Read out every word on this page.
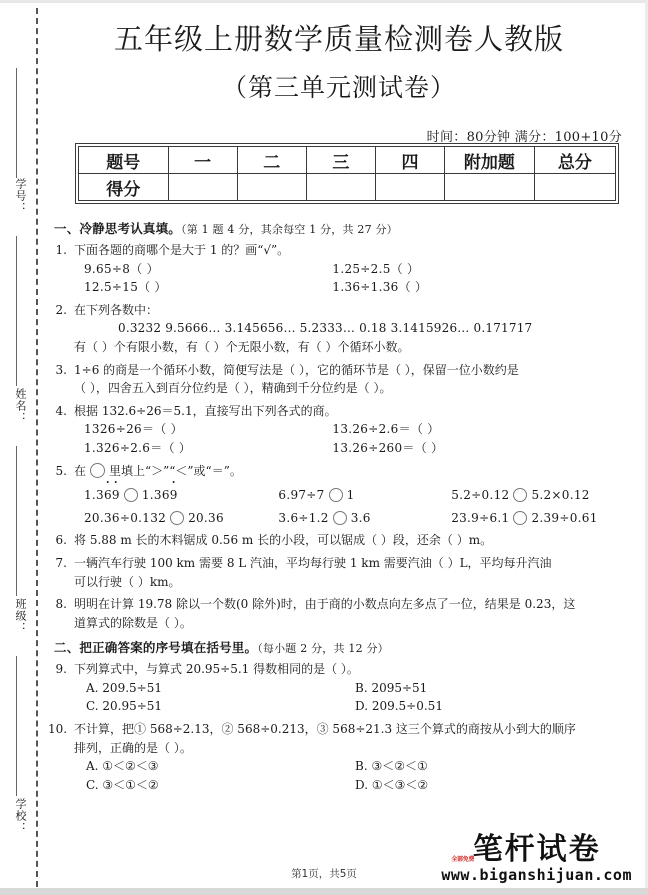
学号：
姓名：
班级：
学校：
五年级上册数学质量检测卷人教版
（第三单元测试卷）
时间：80分钟 满分：100+10分
题号	一	二	三	四	附加题	总分
得分						
一、冷静思考认真填。（第 1 题 4 分，其余每空 1 分，共 27 分）
1. 下面各题的商哪个是大于 1 的？画“√”。
9.65÷8（ ）	1.25÷2.5（ ）
12.5÷15（ ）	1.36÷1.36（ ）
2. 在下列各数中：
0.3232 9.5666… 3.145656… 5.2333… 0.18 3.1415926… 0.171717
有（ ）个有限小数，有（ ）个无限小数，有（ ）个循环小数。
3. 1÷6 的商是一个循环小数，简便写法是（ ），它的循环节是（ ），保留一位小数约是
（ ），四舍五入到百分位约是（ ），精确到千分位约是（ ）。
4. 根据 132.6÷26＝5.1，直接写出下列各式的商。
1326÷26＝（ ）	13.26÷2.6＝（ ）
1.326÷2.6＝（ ）	13.26÷260＝（ ）
5. 在 里填上“＞”“＜”或“＝”。
1.36 ·9 · 1.369 ·	6.97÷7 1	5.2÷0.12 5.2×0.12
20.36÷0.132 20.36	3.6÷1.2 3.6	23.9÷6.1 2.39÷0.61
6. 将 5.88 m 长的木料锯成 0.56 m 长的小段，可以锯成（ ）段，还余（ ）m。
7. 一辆汽车行驶 100 km 需要 8 L 汽油，平均每行驶 1 km 需要汽油（ ）L，平均每升汽油
可以行驶（ ）km。
8. 明明在计算 19.78 除以一个数(0 除外)时，由于商的小数点向左多点了一位，结果是 0.23，这
道算式的除数是（ ）。
二、把正确答案的序号填在括号里。（每小题 2 分，共 12 分）
9. 下列算式中，与算式 20.95÷5.1 得数相同的是（ ）。
A. 209.5÷51	B. 2095÷51
C. 20.95÷51	D. 209.5÷0.51
10. 不计算，把① 568÷2.13，② 568÷0.213，③ 568÷21.3 这三个算式的商按从小到大的顺序
排列，正确的是（ ）。
A. ①＜②＜③	B. ③＜②＜①
C. ③＜①＜②	D. ①＜③＜②
全部免费
笔杆试卷
www.biganshijuan.com
第1页，共5页
